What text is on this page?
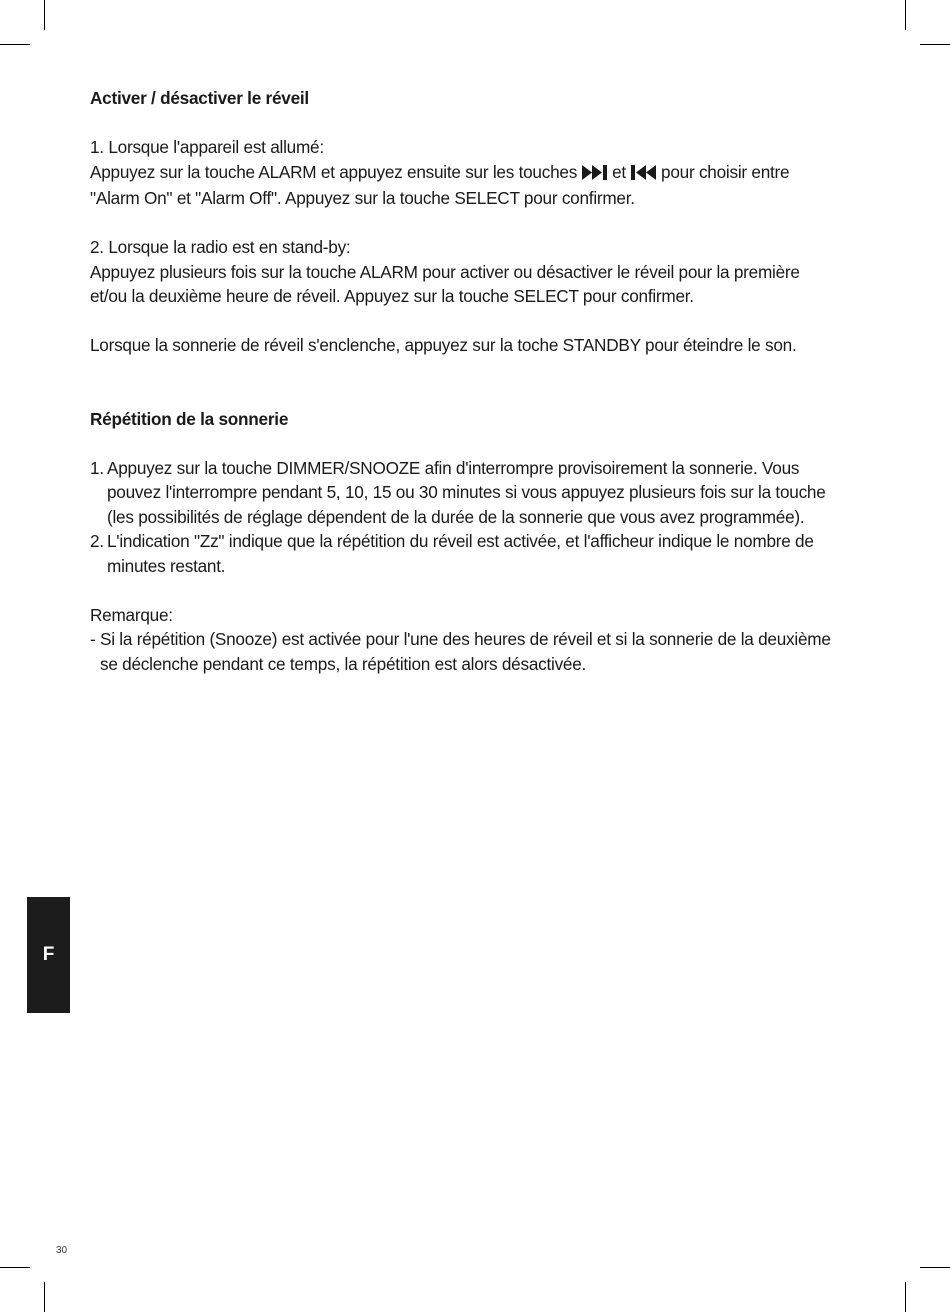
Activer / désactiver le réveil

1. Lorsque l'appareil est allumé:

Appuyez sur la touche ALARM et appuyez ensuite sur les touches et pour choisir entre

"Alarm On" et "Alarm Off". Appuyez sur la touche SELECT pour confirmer.

2. Lorsque la radio est en stand-by:

Appuyez plusieurs fois sur la touche ALARM pour activer ou désactiver le réveil pour la première

et/ou la deuxième heure de réveil. Appuyez sur la touche SELECT pour confirmer.

Lorsque la sonnerie de réveil s'enclenche, appuyez sur la toche STANDBY pour éteindre le son.

Répétition de la sonnerie

1. Appuyez sur la touche DIMMER/SNOOZE afin d'interrompre provisoirement la sonnerie. Vous

pouvez l'interrompre pendant 5, 10, 15 ou 30 minutes si vous appuyez plusieurs fois sur la touche

(les possibilités de réglage dépendent de la durée de la sonnerie que vous avez programmée).

2. L'indication "Zz" indique que la répétition du réveil est activée, et l'afficheur indique le nombre de

minutes restant.

Remarque:

- Si la répétition (Snooze) est activée pour l'une des heures de réveil et si la sonnerie de la deuxième

se déclenche pendant ce temps, la répétition est alors désactivée.

F
30
